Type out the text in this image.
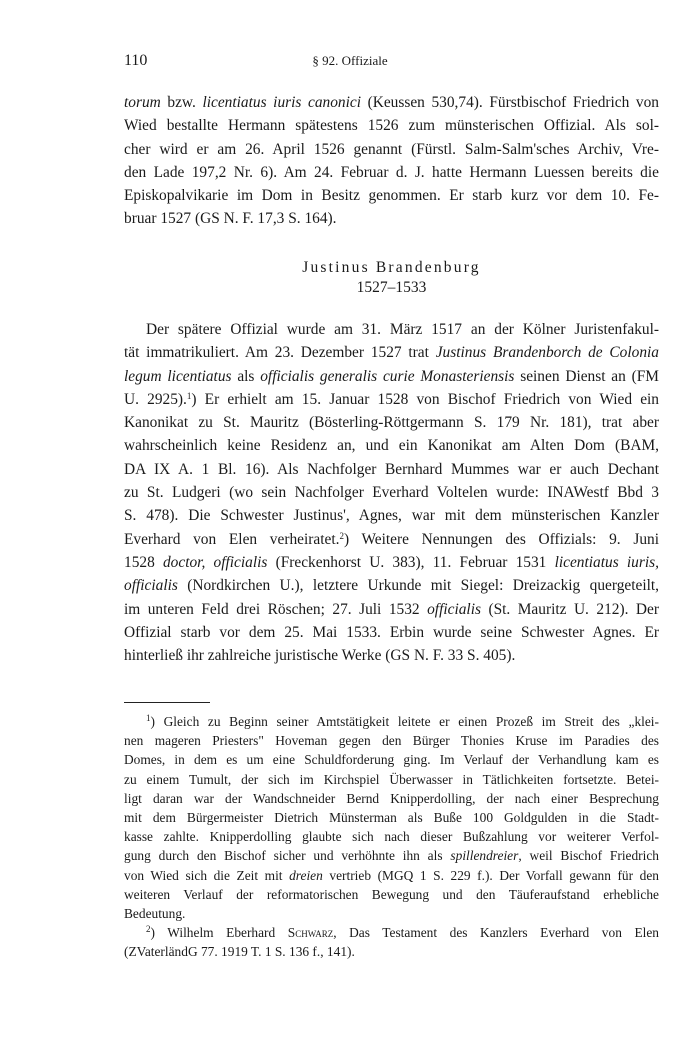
110	§ 92. Offiziale
torum bzw. licentiatus iuris canonici (Keussen 530,74). Fürstbischof Friedrich von
Wied bestallte Hermann spätestens 1526 zum münsterischen Offizial. Als sol-
cher wird er am 26. April 1526 genannt (Fürstl. Salm-Salm'sches Archiv, Vre-
den Lade 197,2 Nr. 6). Am 24. Februar d. J. hatte Hermann Luessen bereits die
Episkopalvikarie im Dom in Besitz genommen. Er starb kurz vor dem 10. Fe-
bruar 1527 (GS N. F. 17,3 S. 164).
Justinus Brandenburg
1527–1533
Der spätere Offizial wurde am 31. März 1517 an der Kölner Juristenfakul-
tät immatrikuliert. Am 23. Dezember 1527 trat Justinus Brandenborch de Colonia
legum licentiatus als officialis generalis curie Monasteriensis seinen Dienst an (FM
U. 2925).$^1$) Er erhielt am 15. Januar 1528 von Bischof Friedrich von Wied ein
Kanonikat zu St. Mauritz (Bösterling-Röttgermann S. 179 Nr. 181), trat aber
wahrscheinlich keine Residenz an, und ein Kanonikat am Alten Dom (BAM,
DA IX A. 1 Bl. 16). Als Nachfolger Bernhard Mummes war er auch Dechant
zu St. Ludgeri (wo sein Nachfolger Everhard Voltelen wurde: INAWestf Bbd 3
S. 478). Die Schwester Justinus', Agnes, war mit dem münsterischen Kanzler
Everhard von Elen verheiratet.$^2$) Weitere Nennungen des Offizials: 9. Juni
1528 doctor, officialis (Freckenhorst U. 383), 11. Februar 1531 licentiatus iuris,
officialis (Nordkirchen U.), letztere Urkunde mit Siegel: Dreizackig quergeteilt,
im unteren Feld drei Röschen; 27. Juli 1532 officialis (St. Mauritz U. 212). Der
Offizial starb vor dem 25. Mai 1533. Erbin wurde seine Schwester Agnes. Er
hinterließ ihr zahlreiche juristische Werke (GS N. F. 33 S. 405).
$^1$) Gleich zu Beginn seiner Amtstätigkeit leitete er einen Prozeß im Streit des „klei-
nen mageren Priesters" Hoveman gegen den Bürger Thonies Kruse im Paradies des
Domes, in dem es um eine Schuldforderung ging. Im Verlauf der Verhandlung kam es
zu einem Tumult, der sich im Kirchspiel Überwasser in Tätlichkeiten fortsetzte. Betei-
ligt daran war der Wandschneider Bernd Knipperdolling, der nach einer Besprechung
mit dem Bürgermeister Dietrich Münsterman als Buße 100 Goldgulden in die Stadt-
kasse zahlte. Knipperdolling glaubte sich nach dieser Bußzahlung vor weiterer Verfol-
gung durch den Bischof sicher und verhöhnte ihn als spillendreier, weil Bischof Friedrich
von Wied sich die Zeit mit dreien vertrieb (MGQ 1 S. 229 f.). Der Vorfall gewann für den
weiteren Verlauf der reformatorischen Bewegung und den Täuferaufstand erhebliche
Bedeutung.
$^2$) Wilhelm Eberhard Schwarz, Das Testament des Kanzlers Everhard von Elen
(ZVaterländG 77. 1919 T. 1 S. 136 f., 141).
